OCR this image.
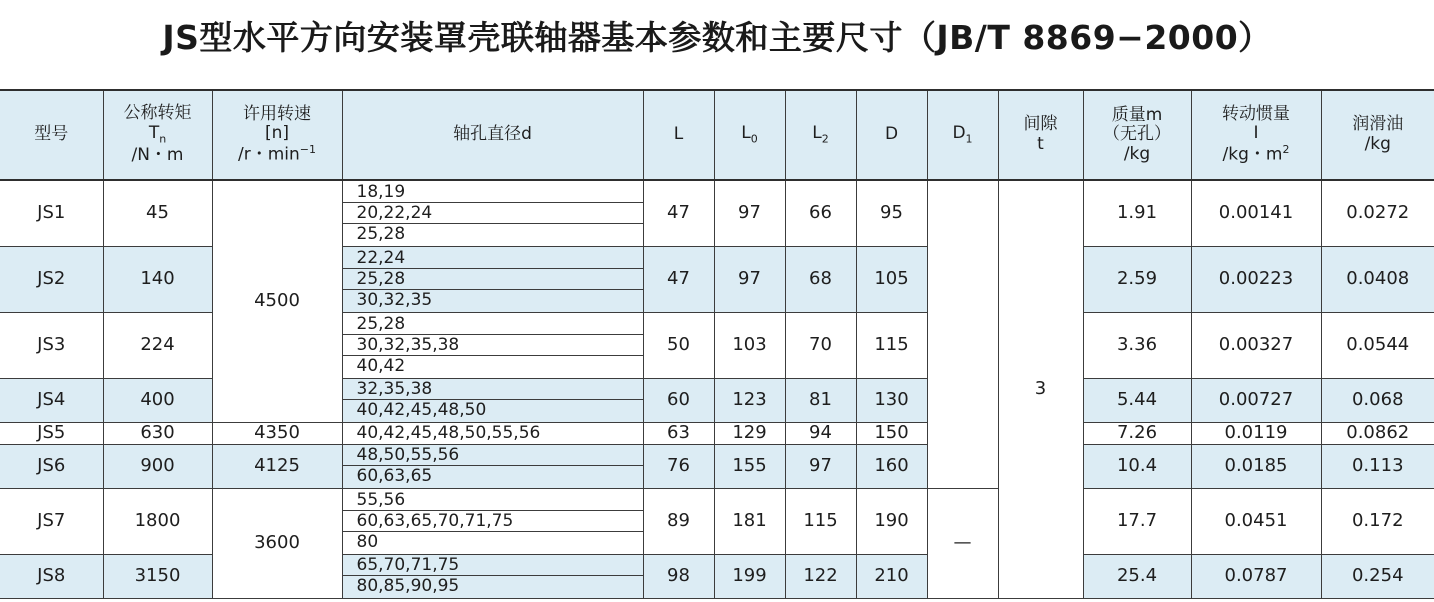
JS型水平方向安装罩壳联轴器基本参数和主要尺寸（JB/T 8869−2000）
型号	公称转矩
$T_n$
/N・m	许用转速
[n]
/r・$\min^{-1}$	轴孔直径d	L	$L_0$	$L_2$	D	$D_1$	间隙
t	质量m
（无孔）
/kg	转动惯量
I
/kg・$m^2$	润滑油
/kg

JS1	45	4500	18,19
20,22,24
25,28	47	97	66	95		3	1.91	0.00141	0.0272
JS2	140		22,24
25,28
30,32,35	47	97	68	105			2.59	0.00223	0.0408
JS3	224		25,28
30,32,35,38
40,42	50	103	70	115			3.36	0.00327	0.0544
JS4	400		32,35,38
40,42,45,48,50	60	123	81	130			5.44	0.00727	0.068
JS5	630	4350	40,42,45,48,50,55,56	63	129	94	150			7.26	0.0119	0.0862
JS6	900	4125	48,50,55,56
60,63,65	76	155	97	160			10.4	0.0185	0.113
JS7	1800	3600	55,56
60,63,65,70,71,75
80	89	181	115	190	—		17.7	0.0451	0.172
JS8	3150		65,70,71,75
80,85,90,95	98	199	122	210			25.4	0.0787	0.254
